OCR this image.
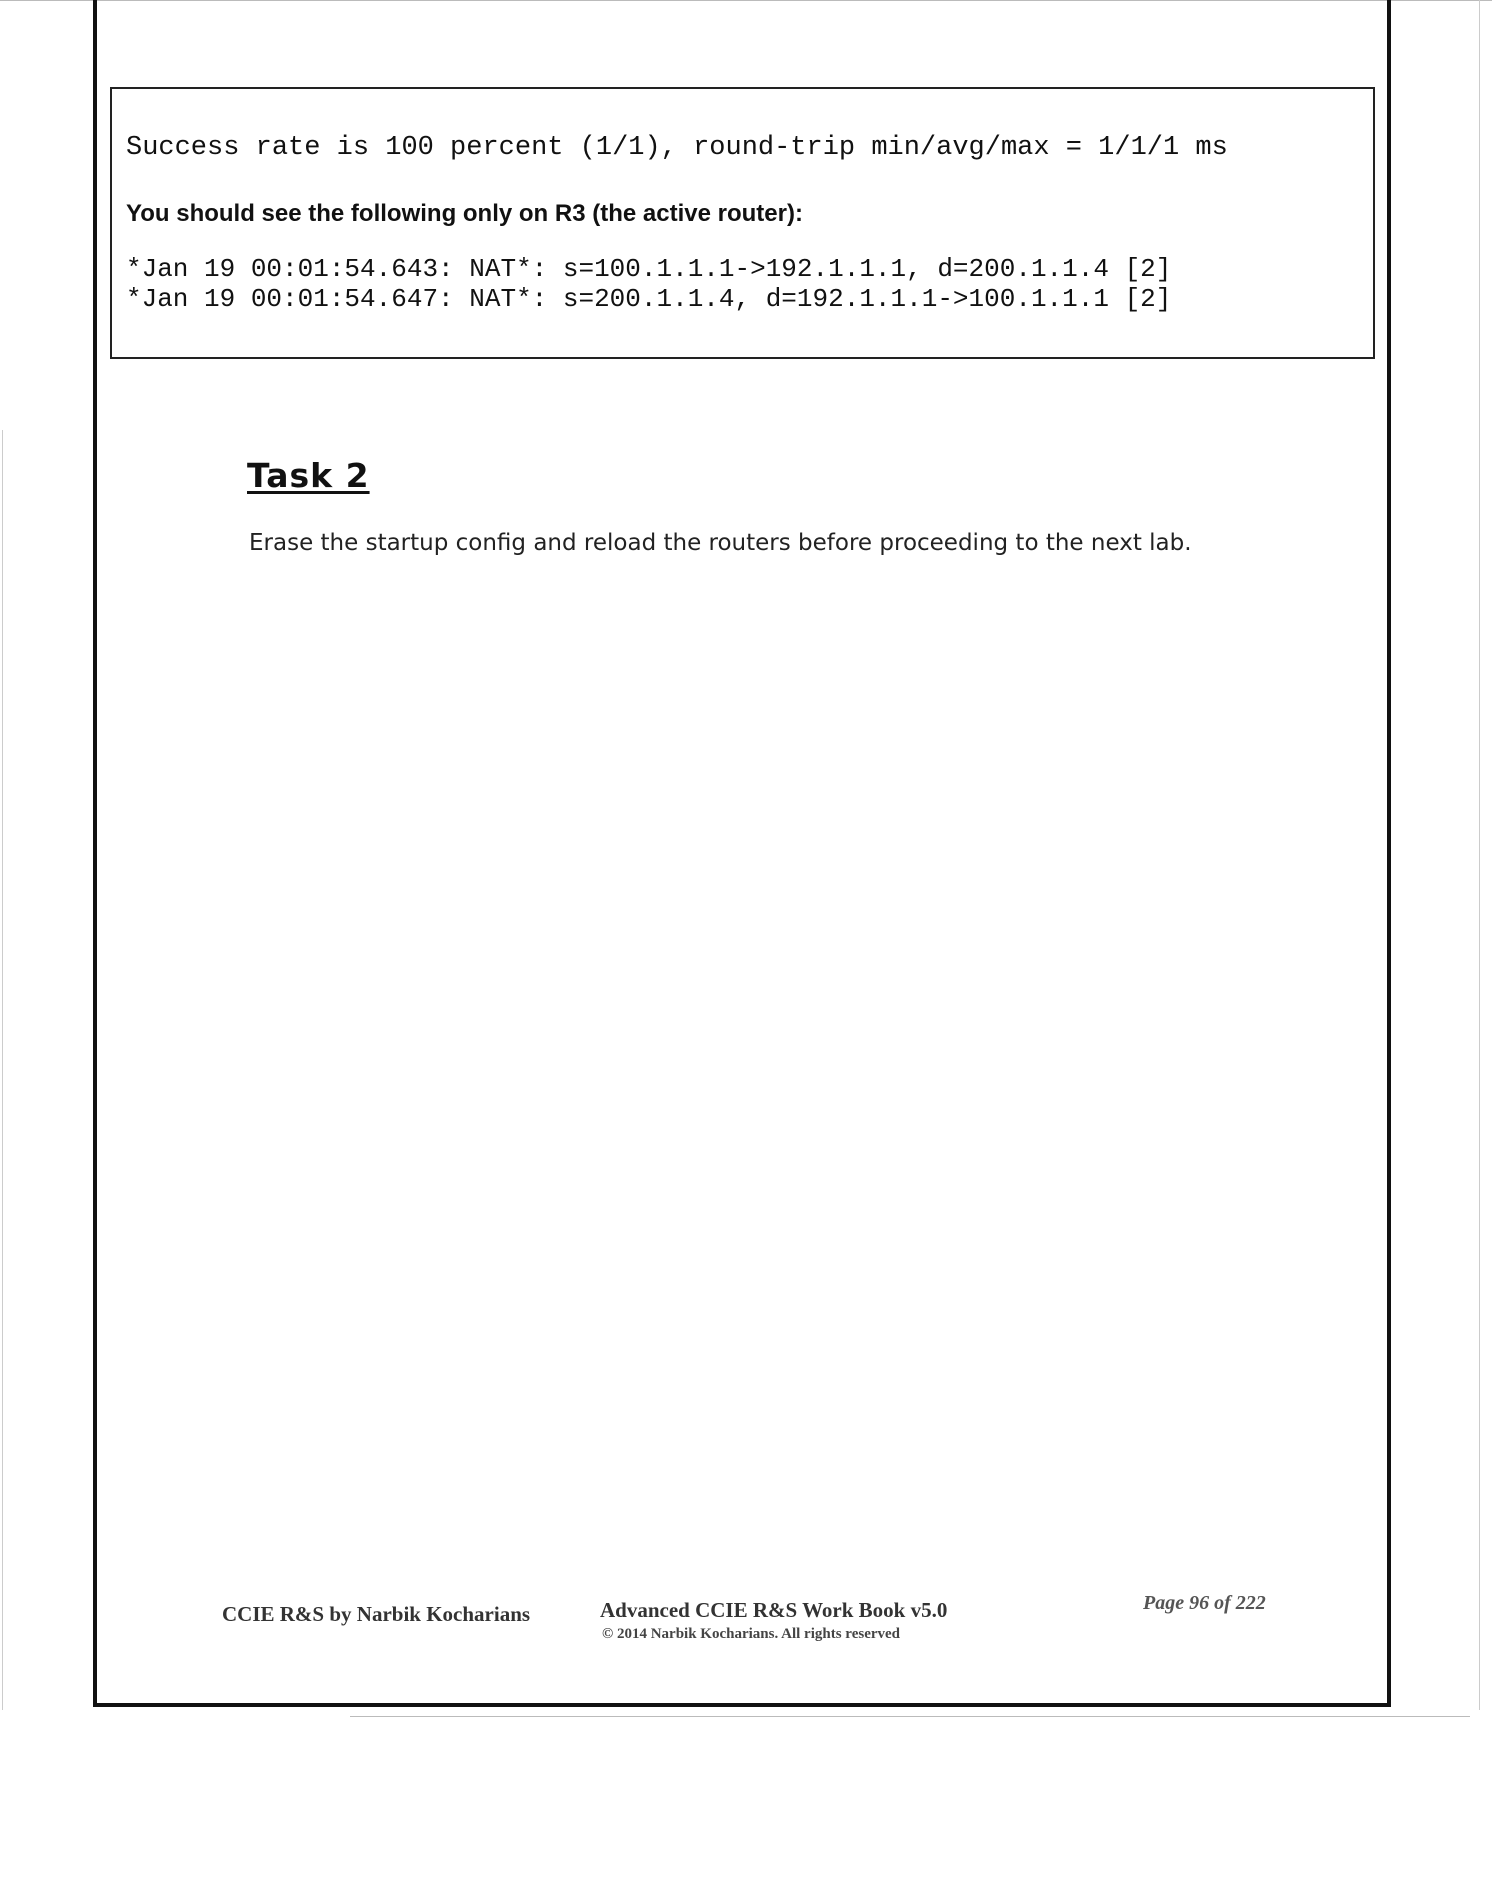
Success rate is 100 percent (1/1), round-trip min/avg/max = 1/1/1 ms
You should see the following only on R3 (the active router):
*Jan 19 00:01:54.643: NAT*: s=100.1.1.1->192.1.1.1, d=200.1.1.4 [2]
*Jan 19 00:01:54.647: NAT*: s=200.1.1.4, d=192.1.1.1->100.1.1.1 [2]
Task 2
Erase the startup config and reload the routers before proceeding to the next lab.
CCIE R&S by Narbik Kocharians	Advanced CCIE R&S Work Book v5.0
© 2014 Narbik Kocharians. All rights reserved
Page 96 of 222
